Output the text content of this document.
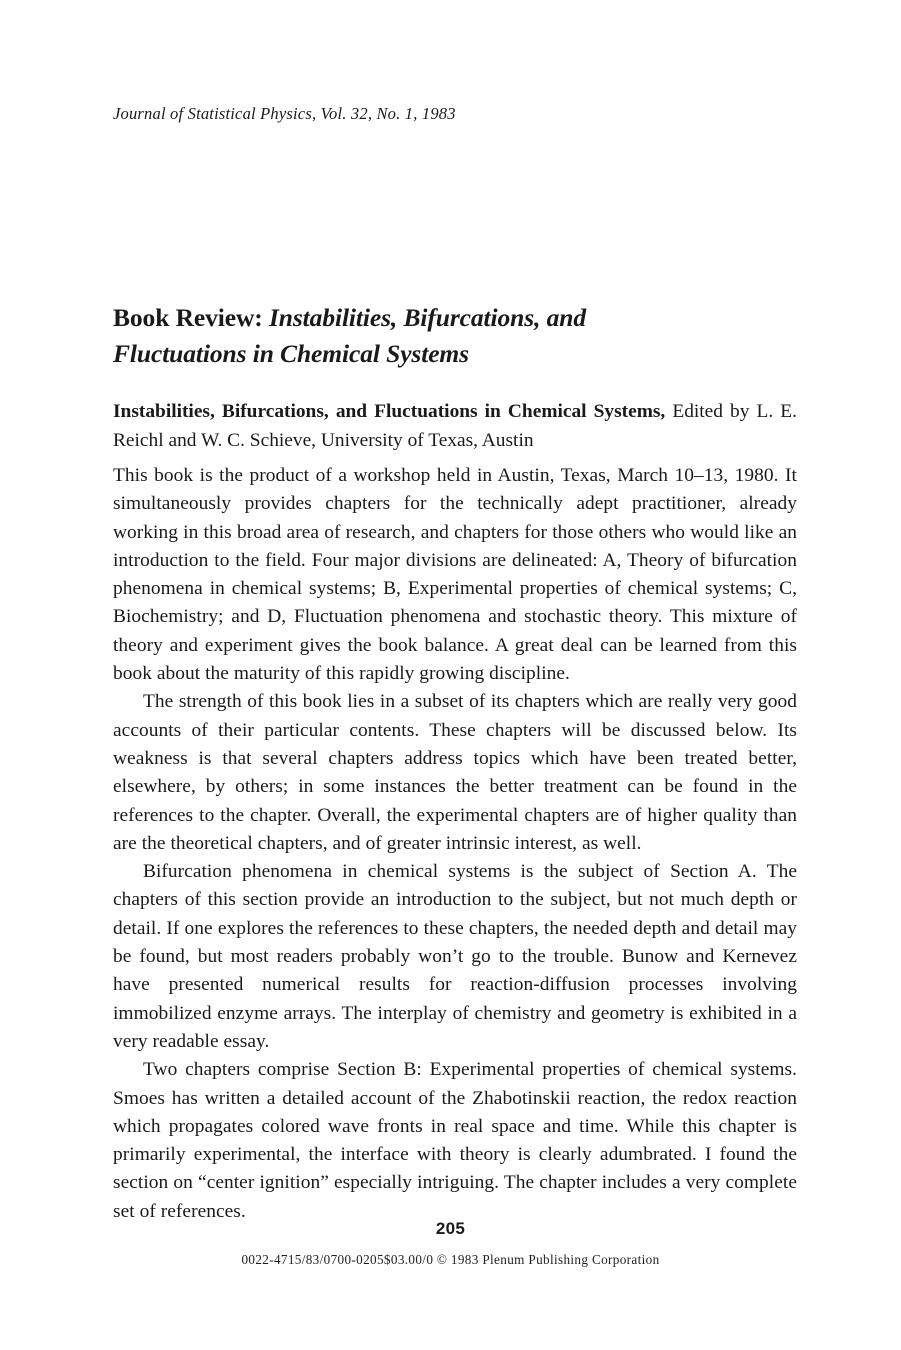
Journal of Statistical Physics, Vol. 32, No. 1, 1983
Book Review: Instabilities, Bifurcations, and
Fluctuations in Chemical Systems
Instabilities, Bifurcations, and Fluctuations in Chemical Systems, Edited by L. E. Reichl and W. C. Schieve, University of Texas, Austin

This book is the product of a workshop held in Austin, Texas, March 10–13, 1980. It simultaneously provides chapters for the technically adept practitioner, already working in this broad area of research, and chapters for those others who would like an introduction to the field. Four major divisions are delineated: A, Theory of bifurcation phenomena in chemical systems; B, Experimental properties of chemical systems; C, Biochemistry; and D, Fluctuation phenomena and stochastic theory. This mixture of theory and experiment gives the book balance. A great deal can be learned from this book about the maturity of this rapidly growing discipline.

The strength of this book lies in a subset of its chapters which are really very good accounts of their particular contents. These chapters will be discussed below. Its weakness is that several chapters address topics which have been treated better, elsewhere, by others; in some instances the better treatment can be found in the references to the chapter. Overall, the experimental chapters are of higher quality than are the theoretical chapters, and of greater intrinsic interest, as well.

Bifurcation phenomena in chemical systems is the subject of Section A. The chapters of this section provide an introduction to the subject, but not much depth or detail. If one explores the references to these chapters, the needed depth and detail may be found, but most readers probably won’t go to the trouble. Bunow and Kernevez have presented numerical results for reaction-diffusion processes involving immobilized enzyme arrays. The interplay of chemistry and geometry is exhibited in a very readable essay.

Two chapters comprise Section B: Experimental properties of chemical systems. Smoes has written a detailed account of the Zhabotinskii reaction, the redox reaction which propagates colored wave fronts in real space and time. While this chapter is primarily experimental, the interface with theory is clearly adumbrated. I found the section on “center ignition” especially intriguing. The chapter includes a very complete set of references.

205
0022-4715/83/0700-0205$03.00/0 © 1983 Plenum Publishing Corporation
